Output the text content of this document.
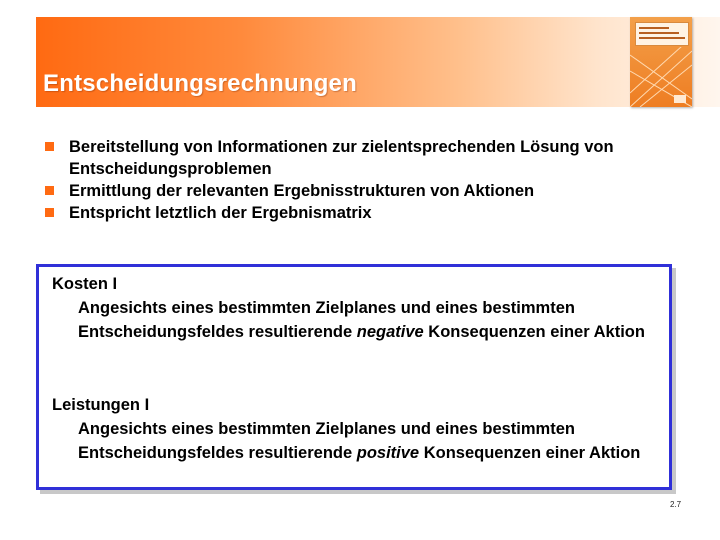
Entscheidungsrechnungen
Bereitstellung von Informationen zur zielentsprechenden Lösung von Entscheidungsproblemen
Ermittlung der relevanten Ergebnisstrukturen von Aktionen
Entspricht letztlich der Ergebnismatrix
Kosten I
Angesichts eines bestimmten Zielplanes und eines bestimmten Entscheidungsfeldes resultierende negative Konsequenzen einer Aktion
Leistungen I
Angesichts eines bestimmten Zielplanes und eines bestimmten Entscheidungsfeldes resultierende positive Konsequenzen einer Aktion
2.7
